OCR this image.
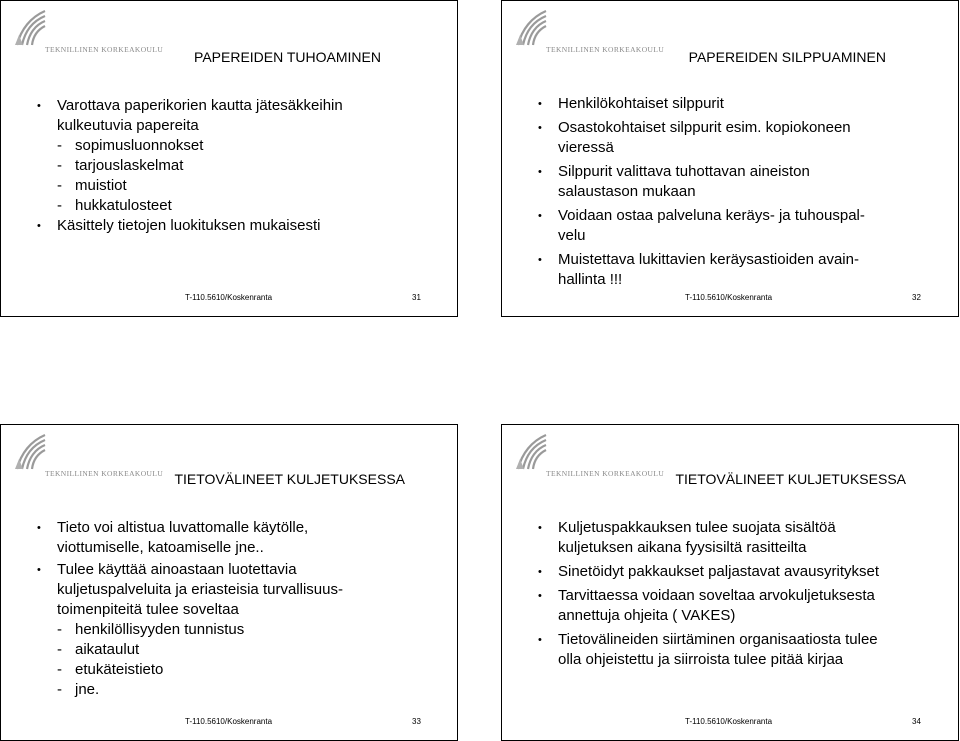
TEKNILLINEN KORKEAKOULU PAPEREIDEN TUHOAMINEN
• Varottava paperikorien kautta jätesäkkeihin
kulkeutuvia papereita
- sopimusluonnokset
- tarjouslaskelmat
- muistiot
- hukkatulosteet
• Käsittely tietojen luokituksen mukaisesti
T-110.5610/Koskenranta	31
TEKNILLINEN KORKEAKOULU PAPEREIDEN SILPPUAMINEN
• Henkilökohtaiset silppurit
• Osastokohtaiset silppurit esim. kopiokoneen
vieressä
• Silppurit valittava tuhottavan aineiston
salaustason mukaan
• Voidaan ostaa palveluna keräys- ja tuhouspal-
velu
• Muistettava lukittavien keräysastioiden avain-
hallinta !!!
T-110.5610/Koskenranta	32
TEKNILLINEN KORKEAKOULU TIETOVÄLINEET KULJETUKSESSA
• Tieto voi altistua luvattomalle käytölle,
viottumiselle, katoamiselle jne..
• Tulee käyttää ainoastaan luotettavia
kuljetuspalveluita ja eriasteisia turvallisuus-
toimenpiteitä tulee soveltaa
- henkilöllisyyden tunnistus
- aikataulut
- etukäteistieto
- jne.
T-110.5610/Koskenranta	33
TEKNILLINEN KORKEAKOULU TIETOVÄLINEET KULJETUKSESSA
• Kuljetuspakkauksen tulee suojata sisältöä
kuljetuksen aikana fyysisiltä rasitteilta
• Sinetöidyt pakkaukset paljastavat avausyritykset
• Tarvittaessa voidaan soveltaa arvokuljetuksesta
annettuja ohjeita ( VAKES)
• Tietovälineiden siirtäminen organisaatiosta tulee
olla ohjeistettu ja siirroista tulee pitää kirjaa
T-110.5610/Koskenranta	34
